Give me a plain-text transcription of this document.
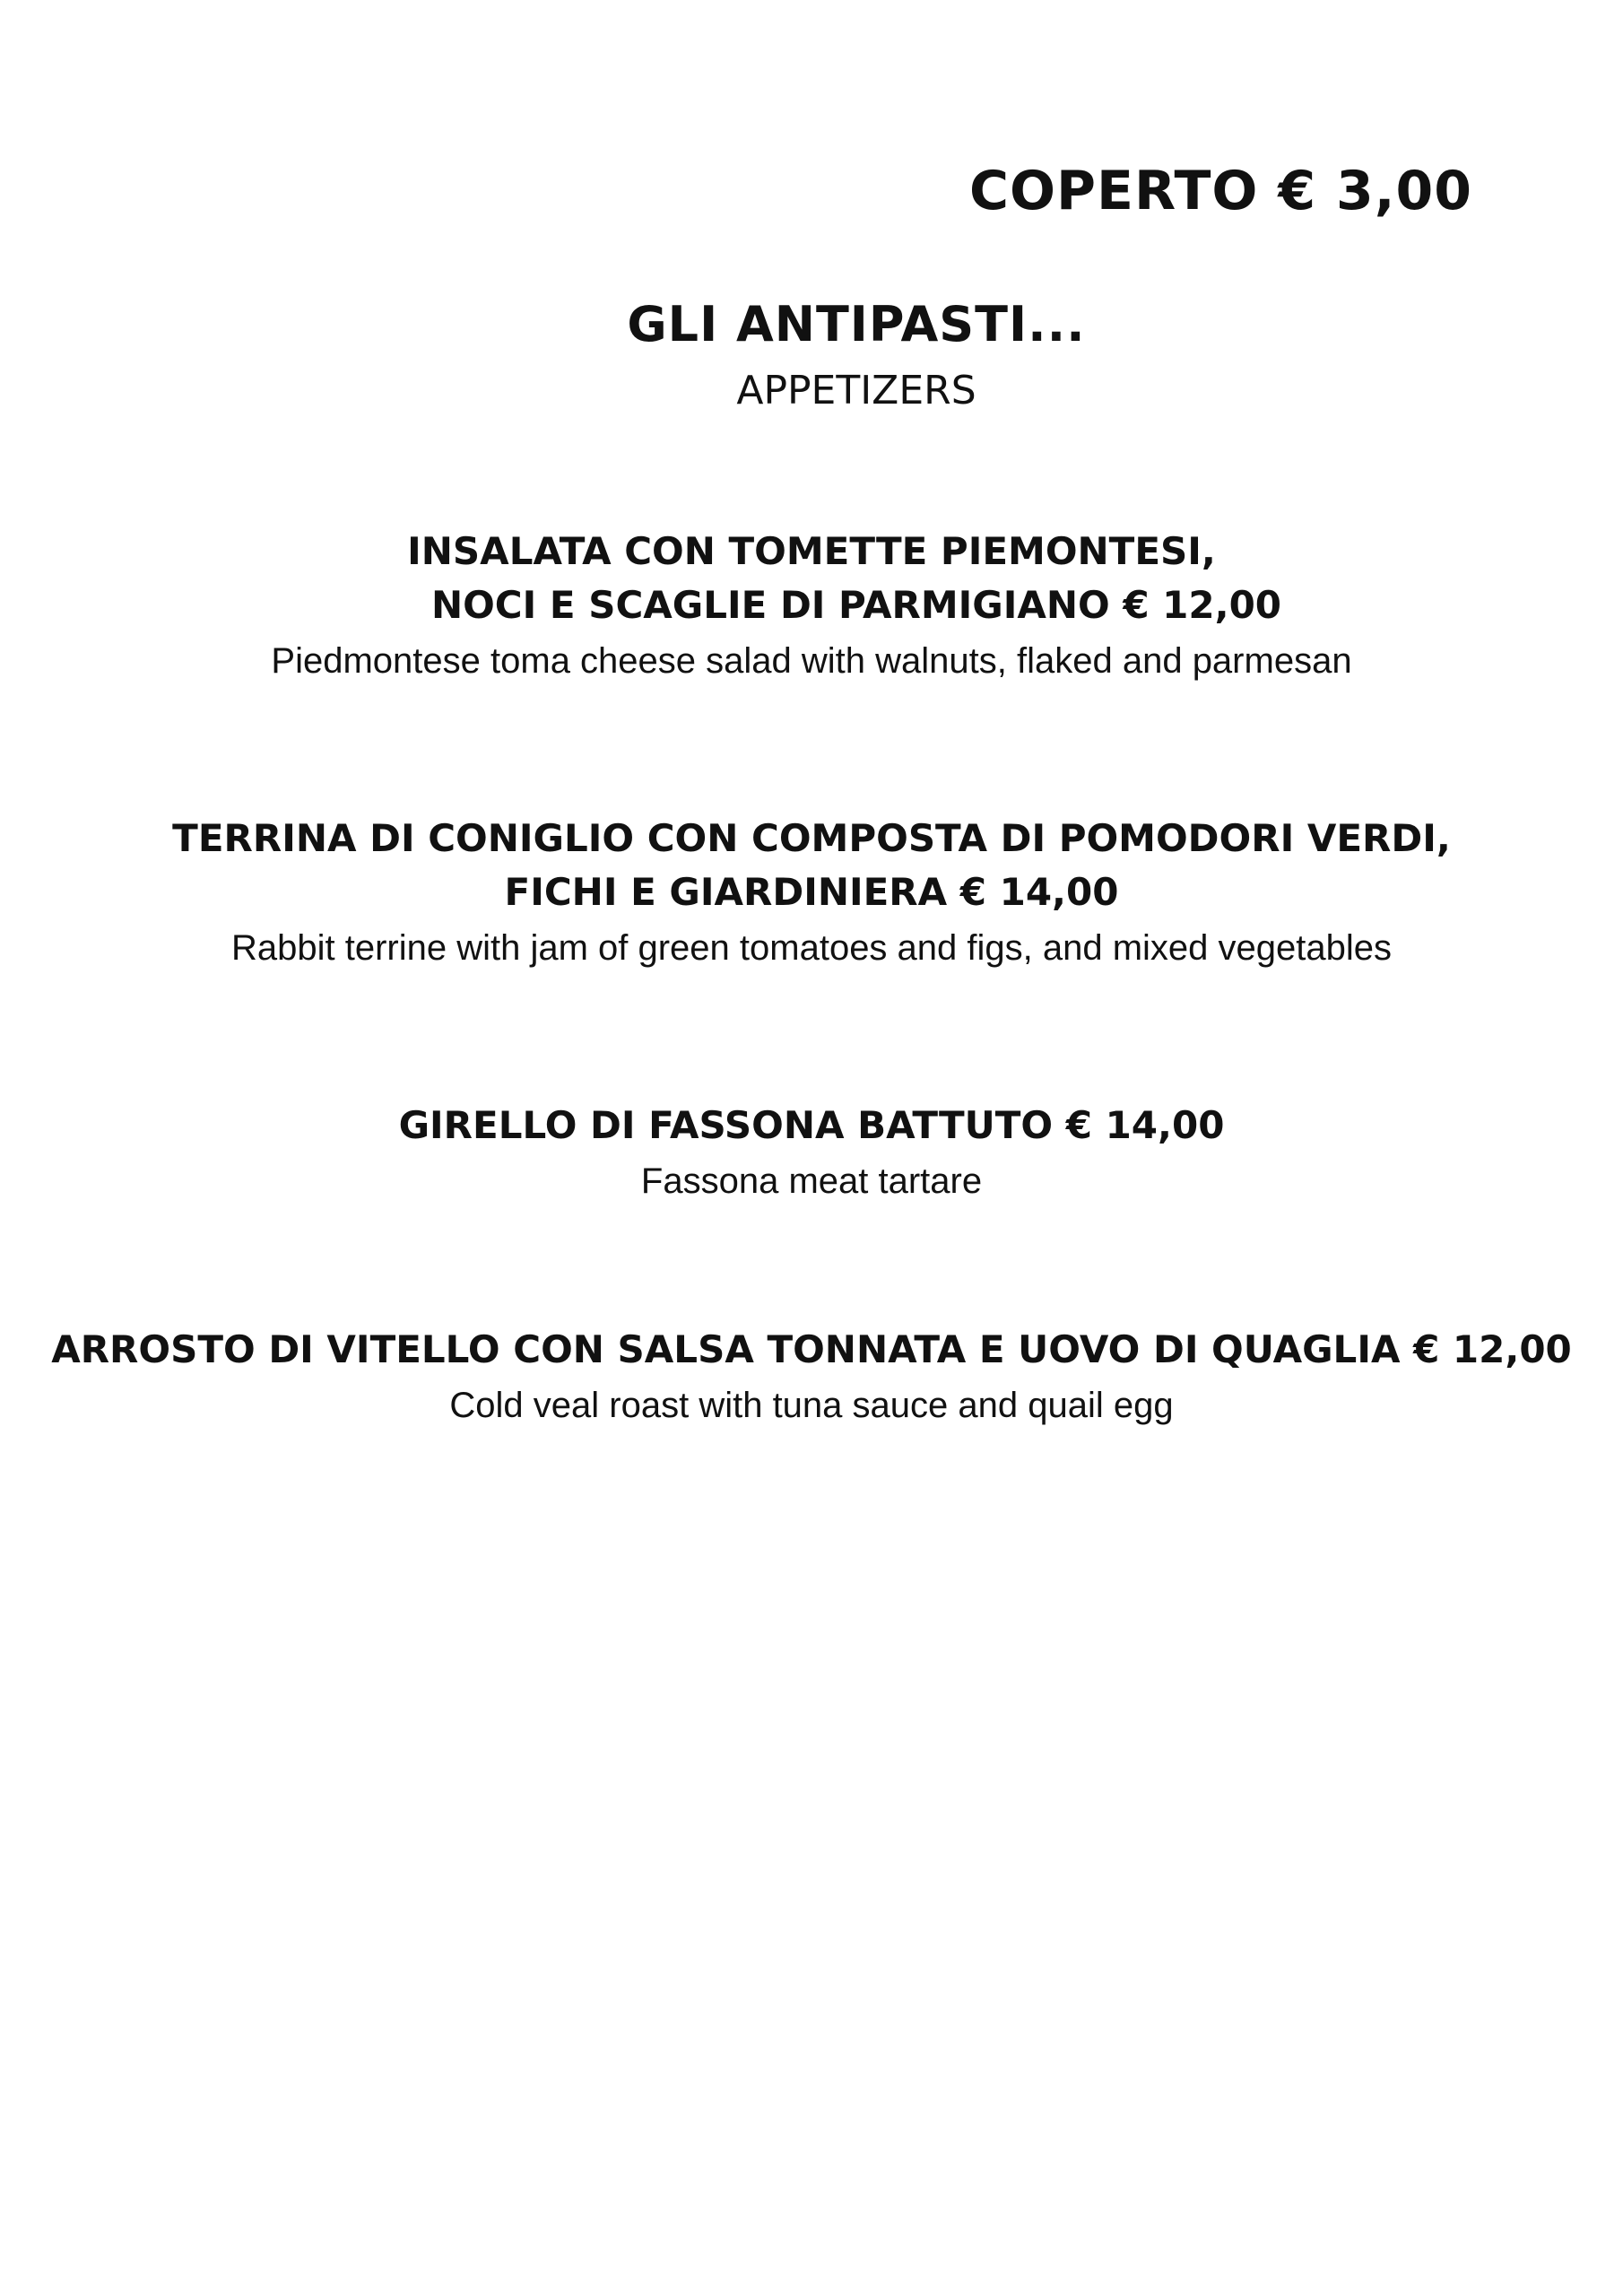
COPERTO € 3,00
GLI ANTIPASTI...
APPETIZERS
INSALATA CON TOMETTE PIEMONTESI,
NOCI E SCAGLIE DI PARMIGIANO € 12,00
Piedmontese toma cheese salad with walnuts, flaked and parmesan
TERRINA DI CONIGLIO CON COMPOSTA DI POMODORI VERDI,
FICHI E GIARDINIERA € 14,00
Rabbit terrine with jam of green tomatoes and figs, and mixed vegetables
GIRELLO DI FASSONA BATTUTO € 14,00
Fassona meat tartare
ARROSTO DI VITELLO CON SALSA TONNATA E UOVO DI QUAGLIA € 12,00
Cold veal roast with tuna sauce and quail egg
